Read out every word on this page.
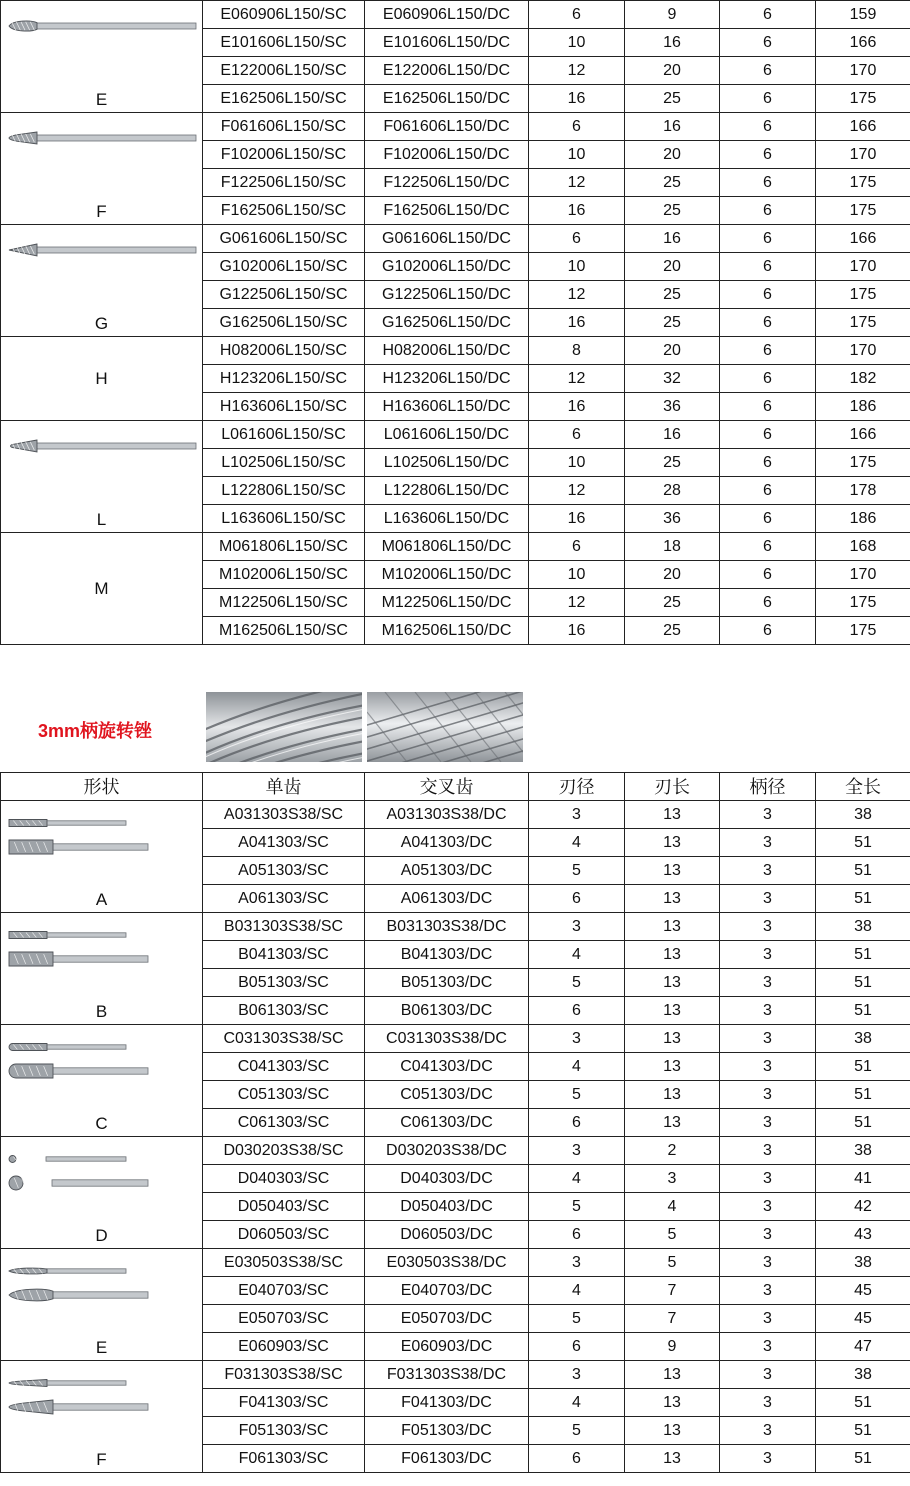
E	E060906L150/SC	E060906L150/DC	6	9	6	159
	E101606L150/SC	E101606L150/DC	10	16	6	166
	E122006L150/SC	E122006L150/DC	12	20	6	170
	E162506L150/SC	E162506L150/DC	16	25	6	175

F	F061606L150/SC	F061606L150/DC	6	16	6	166
	F102006L150/SC	F102006L150/DC	10	20	6	170
	F122506L150/SC	F122506L150/DC	12	25	6	175
	F162506L150/SC	F162506L150/DC	16	25	6	175

G	G061606L150/SC	G061606L150/DC	6	16	6	166
	G102006L150/SC	G102006L150/DC	10	20	6	170
	G122506L150/SC	G122506L150/DC	12	25	6	175
	G162506L150/SC	G162506L150/DC	16	25	6	175

H	H082006L150/SC	H082006L150/DC	8	20	6	170
	H123206L150/SC	H123206L150/DC	12	32	6	182
	H163606L150/SC	H163606L150/DC	16	36	6	186

L	L061606L150/SC	L061606L150/DC	6	16	6	166
	L102506L150/SC	L102506L150/DC	10	25	6	175
	L122806L150/SC	L122806L150/DC	12	28	6	178
	L163606L150/SC	L163606L150/DC	16	36	6	186

M	M061806L150/SC	M061806L150/DC	6	18	6	168
	M102006L150/SC	M102006L150/DC	10	20	6	170
	M122506L150/SC	M122506L150/DC	12	25	6	175
	M162506L150/SC	M162506L150/DC	16	25	6	175
3mm柄旋转锉
形状	单齿	交叉齿	刃径	刃长	柄径	全长

A	A031303S38/SC	A031303S38/DC	3	13	3	38
	A041303/SC	A041303/DC	4	13	3	51
	A051303/SC	A051303/DC	5	13	3	51
	A061303/SC	A061303/DC	6	13	3	51

B	B031303S38/SC	B031303S38/DC	3	13	3	38
	B041303/SC	B041303/DC	4	13	3	51
	B051303/SC	B051303/DC	5	13	3	51
	B061303/SC	B061303/DC	6	13	3	51

C	C031303S38/SC	C031303S38/DC	3	13	3	38
	C041303/SC	C041303/DC	4	13	3	51
	C051303/SC	C051303/DC	5	13	3	51
	C061303/SC	C061303/DC	6	13	3	51

D	D030203S38/SC	D030203S38/DC	3	2	3	38
	D040303/SC	D040303/DC	4	3	3	41
	D050403/SC	D050403/DC	5	4	3	42
	D060503/SC	D060503/DC	6	5	3	43

E	E030503S38/SC	E030503S38/DC	3	5	3	38
	E040703/SC	E040703/DC	4	7	3	45
	E050703/SC	E050703/DC	5	7	3	45
	E060903/SC	E060903/DC	6	9	3	47

F	F031303S38/SC	F031303S38/DC	3	13	3	38
	F041303/SC	F041303/DC	4	13	3	51
	F051303/SC	F051303/DC	5	13	3	51
	F061303/SC	F061303/DC	6	13	3	51
